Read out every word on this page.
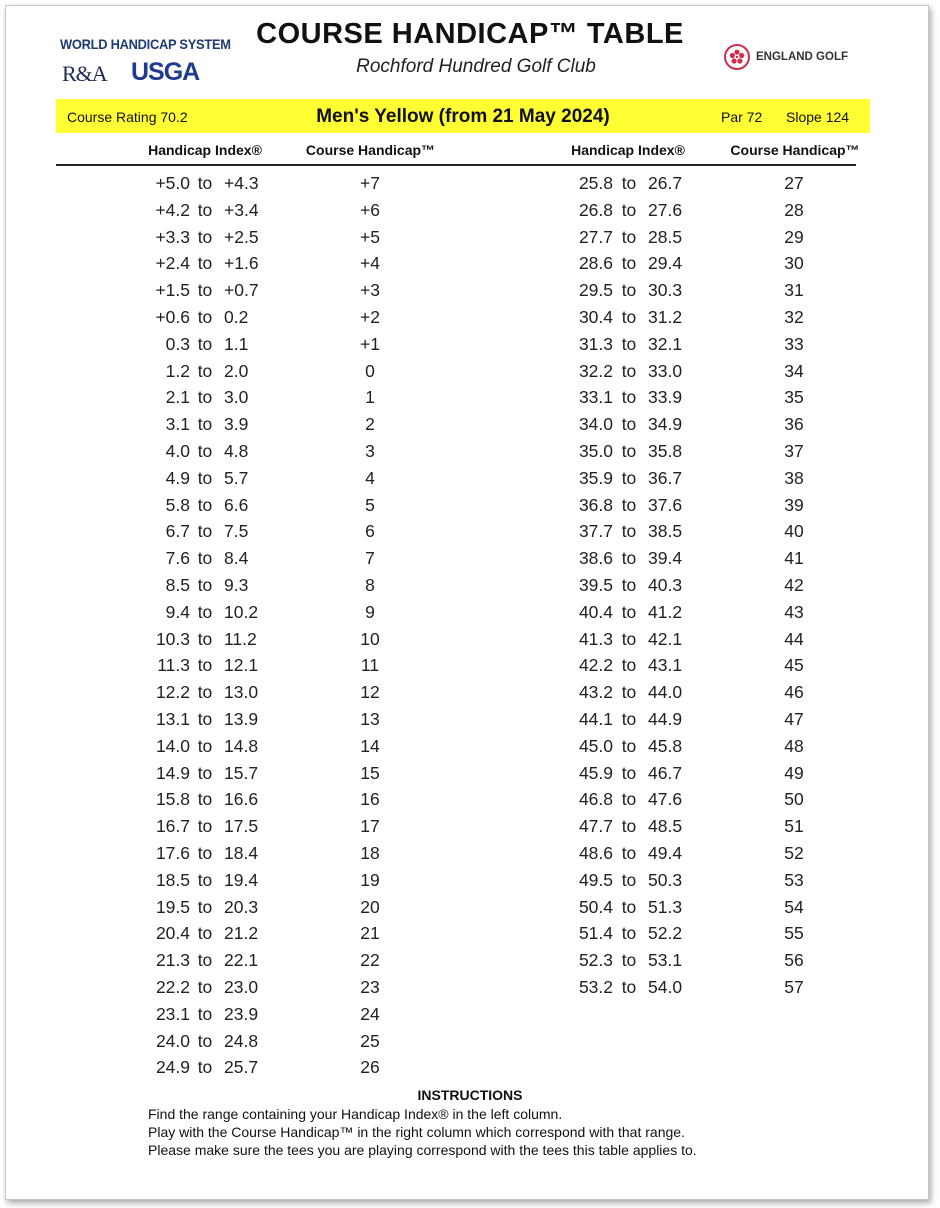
WORLD HANDICAP SYSTEM
R&A USGA
ENGLAND GOLF
COURSE HANDICAP™ TABLE
Rochford Hundred Golf Club
Course Rating 70.2	Men's Yellow (from 21 May 2024)	Par 72 Slope 124
Handicap Index®	Course Handicap™	Handicap Index®	Course Handicap™
+5.0 to +4.3	+7
+4.2 to +3.4	+6
+3.3 to +2.5	+5
+2.4 to +1.6	+4
+1.5 to +0.7	+3
+0.6 to 0.2	+2
0.3 to 1.1	+1
1.2 to 2.0	0
2.1 to 3.0	1
3.1 to 3.9	2
4.0 to 4.8	3
4.9 to 5.7	4
5.8 to 6.6	5
6.7 to 7.5	6
7.6 to 8.4	7
8.5 to 9.3	8
9.4 to 10.2	9
10.3 to 11.2	10
11.3 to 12.1	11
12.2 to 13.0	12
13.1 to 13.9	13
14.0 to 14.8	14
14.9 to 15.7	15
15.8 to 16.6	16
16.7 to 17.5	17
17.6 to 18.4	18
18.5 to 19.4	19
19.5 to 20.3	20
20.4 to 21.2	21
21.3 to 22.1	22
22.2 to 23.0	23
23.1 to 23.9	24
24.0 to 24.8	25
24.9 to 25.7	26
25.8 to 26.7	27
26.8 to 27.6	28
27.7 to 28.5	29
28.6 to 29.4	30
29.5 to 30.3	31
30.4 to 31.2	32
31.3 to 32.1	33
32.2 to 33.0	34
33.1 to 33.9	35
34.0 to 34.9	36
35.0 to 35.8	37
35.9 to 36.7	38
36.8 to 37.6	39
37.7 to 38.5	40
38.6 to 39.4	41
39.5 to 40.3	42
40.4 to 41.2	43
41.3 to 42.1	44
42.2 to 43.1	45
43.2 to 44.0	46
44.1 to 44.9	47
45.0 to 45.8	48
45.9 to 46.7	49
46.8 to 47.6	50
47.7 to 48.5	51
48.6 to 49.4	52
49.5 to 50.3	53
50.4 to 51.3	54
51.4 to 52.2	55
52.3 to 53.1	56
53.2 to 54.0	57
INSTRUCTIONS
Find the range containing your Handicap Index® in the left column.
Play with the Course Handicap™ in the right column which correspond with that range.
Please make sure the tees you are playing correspond with the tees this table applies to.
